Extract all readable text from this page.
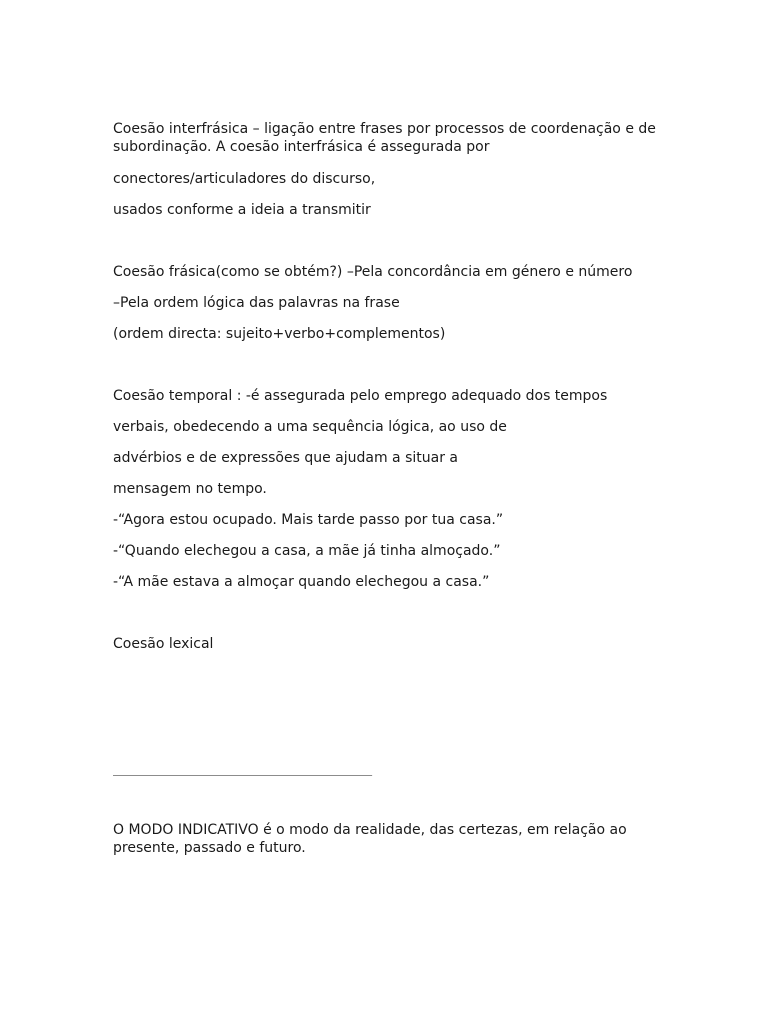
Coesão interfrásica – ligação entre frases por processos de coordenação e de subordinação. A coesão interfrásica é assegurada por

conectores/articuladores do discurso,

usados conforme a ideia a transmitir

Coesão frásica(como se obtém?) –Pela concordância em género e número

–Pela ordem lógica das palavras na frase

(ordem directa: sujeito+verbo+complementos)

Coesão temporal : -é assegurada pelo emprego adequado dos tempos

verbais, obedecendo a uma sequência lógica, ao uso de

advérbios e de expressões que ajudam a situar a

mensagem no tempo.

-“Agora estou ocupado. Mais tarde passo por tua casa.”

-“Quando elechegou a casa, a mãe já tinha almoçado.”

-“A mãe estava a almoçar quando elechegou a casa.”

Coesão lexical

_____________________________________

O MODO INDICATIVO é o modo da realidade, das certezas, em relação ao presente, passado e futuro.
